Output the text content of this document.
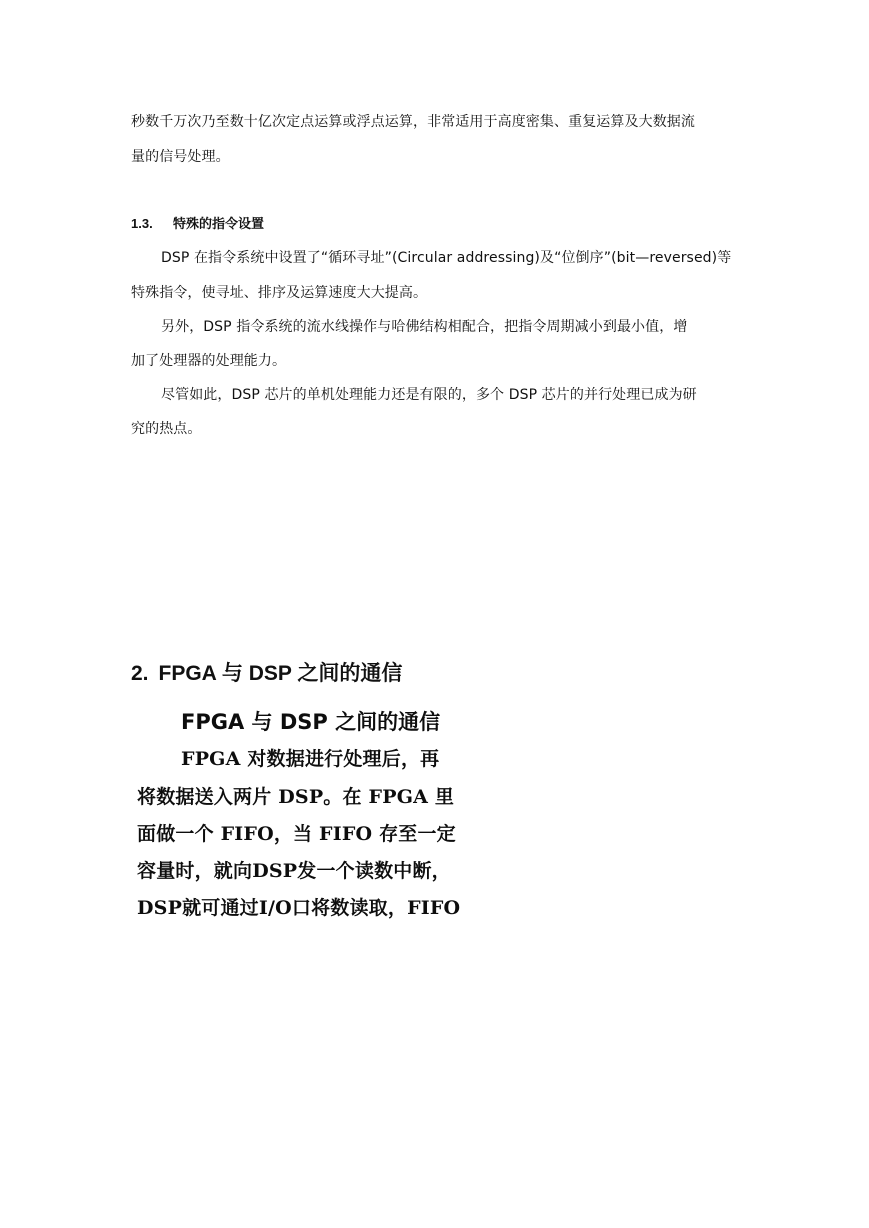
秒数千万次乃至数十亿次定点运算或浮点运算，非常适用于高度密集、重复运算及大数据流
量的信号处理。
1.3. 特殊的指令设置
DSP 在指令系统中设置了“循环寻址”(Circular addressing)及“位倒序”(bit—reversed)等
特殊指令，使寻址、排序及运算速度大大提高。
另外，DSP 指令系统的流水线操作与哈佛结构相配合，把指令周期减小到最小值，增
加了处理器的处理能力。
尽管如此，DSP 芯片的单机处理能力还是有限的，多个 DSP 芯片的并行处理已成为研
究的热点。
2. FPGA 与 DSP 之间的通信
FPGA 与 DSP 之间的通信
FPGA 对数据进行处理后，再
将数据送入两片 DSP。在 FPGA 里
面做一个 FIFO，当 FIFO 存至一定
容量时，就向DSP发一个读数中断，
DSP就可通过I/O口将数读取，FIFO
